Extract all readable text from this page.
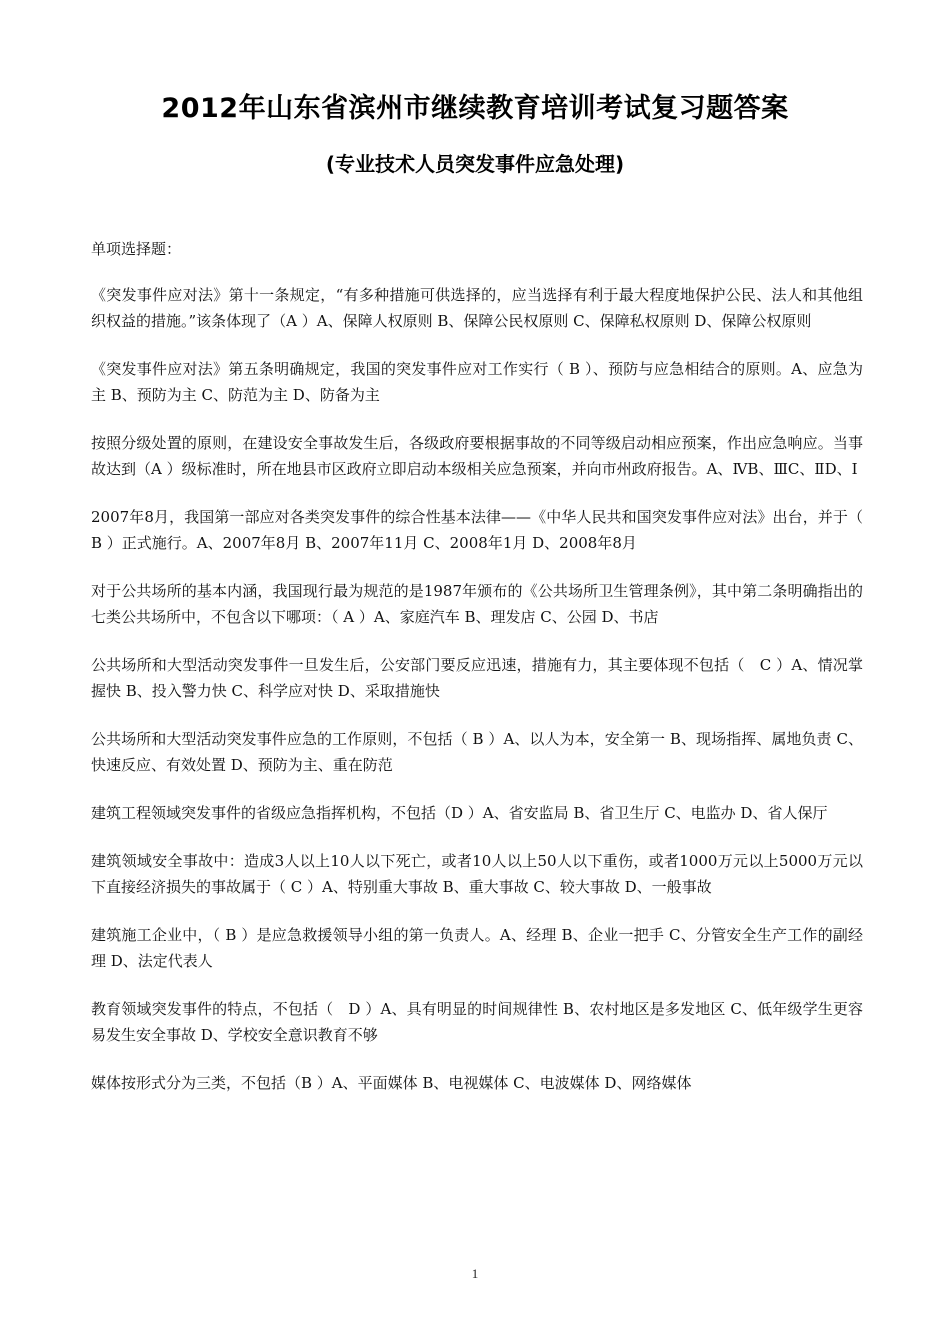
2012年山东省滨州市继续教育培训考试复习题答案
(专业技术人员突发事件应急处理)

单项选择题：

《突发事件应对法》第十一条规定，“有多种措施可供选择的，应当选择有利于最大程度地保护公民、法人和其他组织权益的措施。”该条体现了（A ）A、保障人权原则 B、保障公民权原则 C、保障私权原则 D、保障公权原则

《突发事件应对法》第五条明确规定，我国的突发事件应对工作实行（ B ）、预防与应急相结合的原则。A、应急为主 B、预防为主 C、防范为主 D、防备为主

按照分级处置的原则，在建设安全事故发生后，各级政府要根据事故的不同等级启动相应预案，作出应急响应。当事故达到（A ）级标准时，所在地县市区政府立即启动本级相关应急预案，并向市州政府报告。A、ⅣB、ⅢC、ⅡD、Ⅰ

2007年8月，我国第一部应对各类突发事件的综合性基本法律——《中华人民共和国突发事件应对法》出台，并于（ B ）正式施行。A、2007年8月 B、2007年11月 C、2008年1月 D、2008年8月

对于公共场所的基本内涵，我国现行最为规范的是1987年颁布的《公共场所卫生管理条例》，其中第二条明确指出的七类公共场所中，不包含以下哪项：（ A ）A、家庭汽车 B、理发店 C、公园 D、书店

公共场所和大型活动突发事件一旦发生后，公安部门要反应迅速，措施有力，其主要体现不包括（　C ）A、情况掌握快 B、投入警力快 C、科学应对快 D、采取措施快

公共场所和大型活动突发事件应急的工作原则，不包括（ B ）A、以人为本，安全第一 B、现场指挥、属地负责 C、快速反应、有效处置 D、预防为主、重在防范

建筑工程领域突发事件的省级应急指挥机构，不包括（D ）A、省安监局 B、省卫生厅 C、电监办 D、省人保厅

建筑领域安全事故中：造成3人以上10人以下死亡，或者10人以上50人以下重伤，或者1000万元以上5000万元以下直接经济损失的事故属于（ C ）A、特别重大事故 B、重大事故 C、较大事故 D、一般事故

建筑施工企业中，（ B ）是应急救援领导小组的第一负责人。A、经理 B、企业一把手 C、分管安全生产工作的副经理 D、法定代表人

教育领域突发事件的特点，不包括（　D ）A、具有明显的时间规律性 B、农村地区是多发地区 C、低年级学生更容易发生安全事故 D、学校安全意识教育不够

媒体按形式分为三类，不包括（B ）A、平面媒体 B、电视媒体 C、电波媒体 D、网络媒体

1
